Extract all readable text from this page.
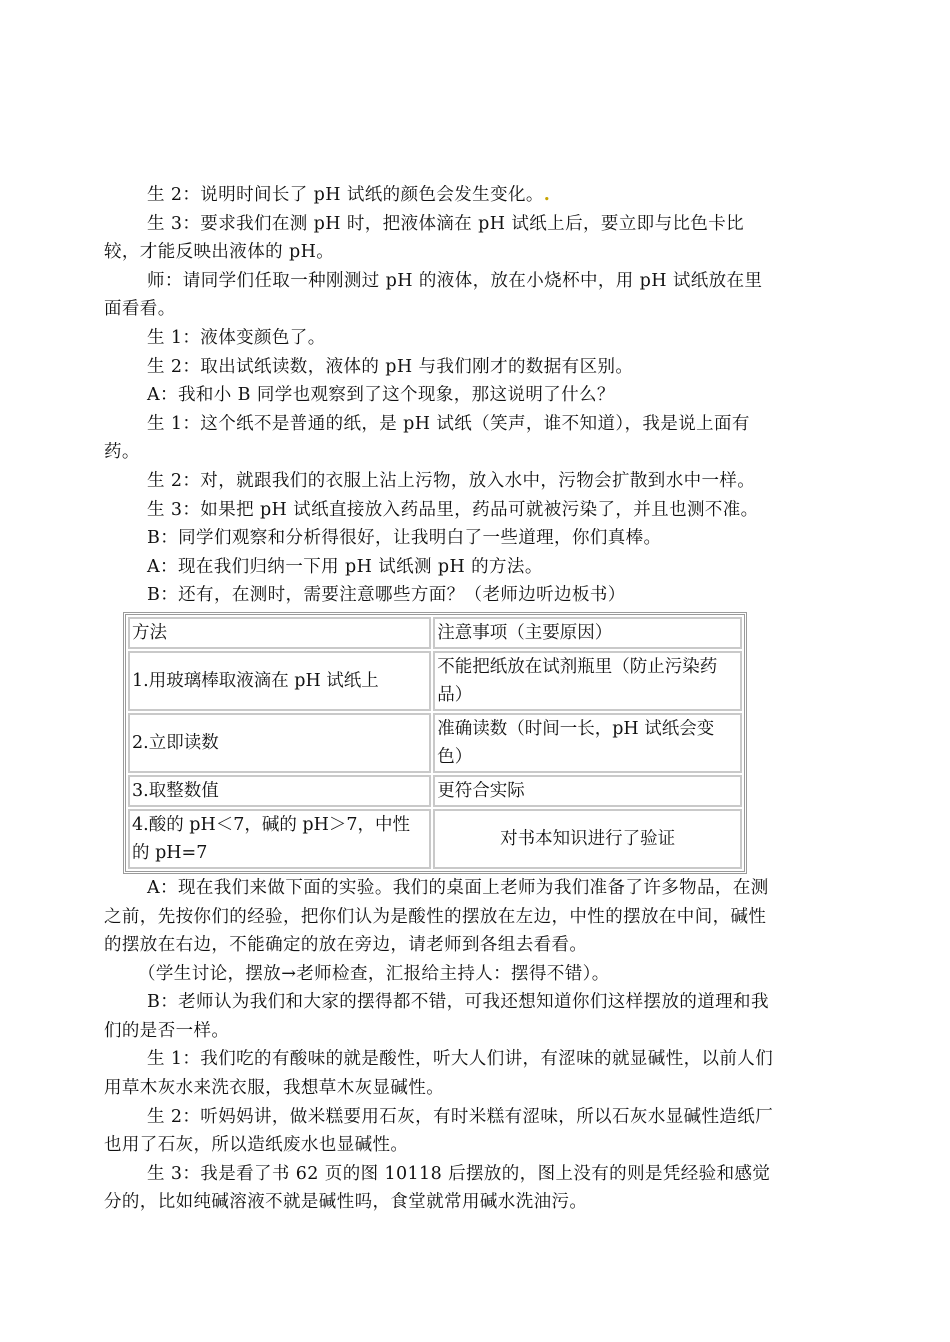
生 2：说明时间长了 pH 试纸的颜色会发生变化。.

生 3：要求我们在测 pH 时，把液体滴在 pH 试纸上后，要立即与比色卡比较，才能反映出液体的 pH。

师：请同学们任取一种刚测过 pH 的液体，放在小烧杯中，用 pH 试纸放在里面看看。

生 1：液体变颜色了。

生 2：取出试纸读数，液体的 pH 与我们刚才的数据有区别。

A：我和小 B 同学也观察到了这个现象，那这说明了什么？

生 1：这个纸不是普通的纸，是 pH 试纸（笑声，谁不知道），我是说上面有药。

生 2：对，就跟我们的衣服上沾上污物，放入水中，污物会扩散到水中一样。

生 3：如果把 pH 试纸直接放入药品里，药品可就被污染了，并且也测不准。

B：同学们观察和分析得很好，让我明白了一些道理，你们真棒。

A：现在我们归纳一下用 pH 试纸测 pH 的方法。

B：还有，在测时，需要注意哪些方面？（老师边听边板书）

方法	注意事项（主要原因）
1.用玻璃棒取液滴在 pH 试纸上	不能把纸放在试剂瓶里（防止污染药品）
2.立即读数	准确读数（时间一长，pH 试纸会变色）
3.取整数值	更符合实际
4.酸的 pH＜7，碱的 pH＞7，中性的 pH=7	对书本知识进行了验证

A：现在我们来做下面的实验。我们的桌面上老师为我们准备了许多物品，在测之前，先按你们的经验，把你们认为是酸性的摆放在左边，中性的摆放在中间，碱性的摆放在右边，不能确定的放在旁边，请老师到各组去看看。

（学生讨论，摆放→老师检查，汇报给主持人：摆得不错）。

B：老师认为我们和大家的摆得都不错，可我还想知道你们这样摆放的道理和我们的是否一样。

生 1：我们吃的有酸味的就是酸性，听大人们讲，有涩味的就显碱性，以前人们用草木灰水来洗衣服，我想草木灰显碱性。

生 2：听妈妈讲，做米糕要用石灰，有时米糕有涩味，所以石灰水显碱性造纸厂也用了石灰，所以造纸废水也显碱性。

生 3：我是看了书 62 页的图 10118 后摆放的，图上没有的则是凭经验和感觉分的，比如纯碱溶液不就是碱性吗，食堂就常用碱水洗油污。
